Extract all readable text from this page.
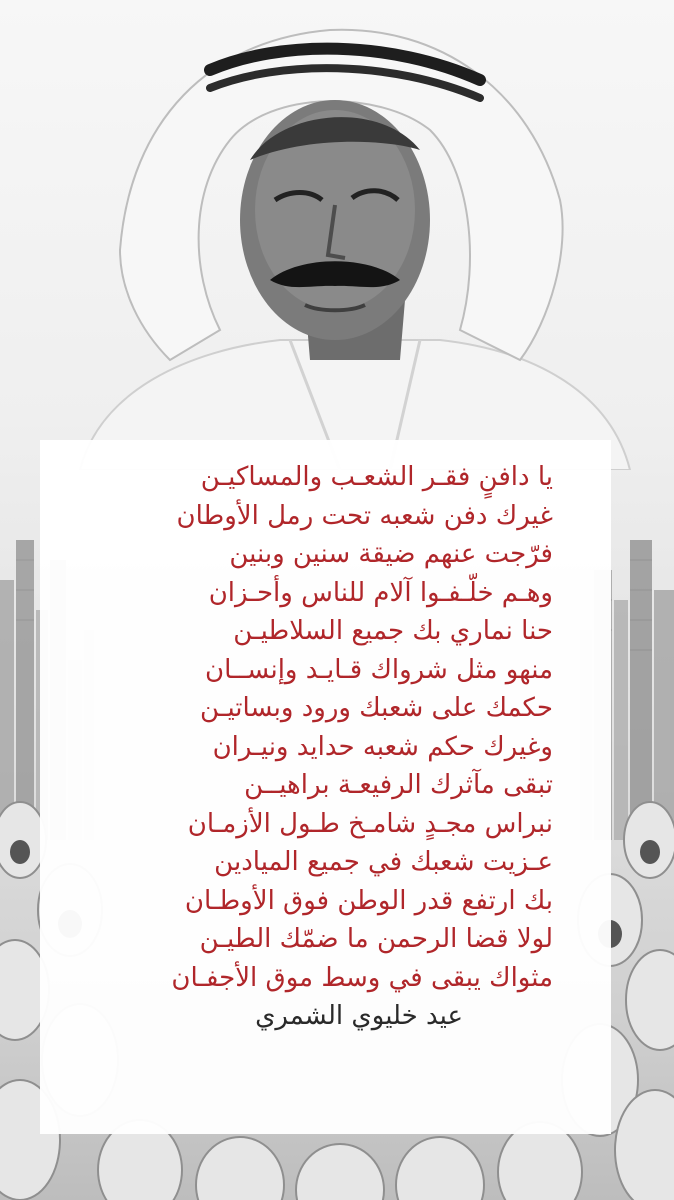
يا دافنٍ فقـر الشعـب والمساكيـن
غيرك دفن شعبه تحت رمل الأوطان
فرّجت عنهم ضيقة سنين وبنين
وهـم خلّـفـوا آلام للناس وأحـزان
حنا نماري بك جميع السلاطيـن
منهو مثل شرواك قـايـد وإنســان
حكمك على شعبك ورود وبساتيـن
وغيرك حكم شعبه حدايد ونيـران
تبقى مآثرك الرفيعـة براهيــن
نبراس مجـدٍ شامـخ طـول الأزمـان
عـزيت شعبك في جميع الميادين
بك ارتفع قدر الوطن فوق الأوطـان
لولا قضا الرحمن ما ضمّك الطيـن
مثواك يبقى في وسط موق الأجفـان
عيد خليوي الشمري
